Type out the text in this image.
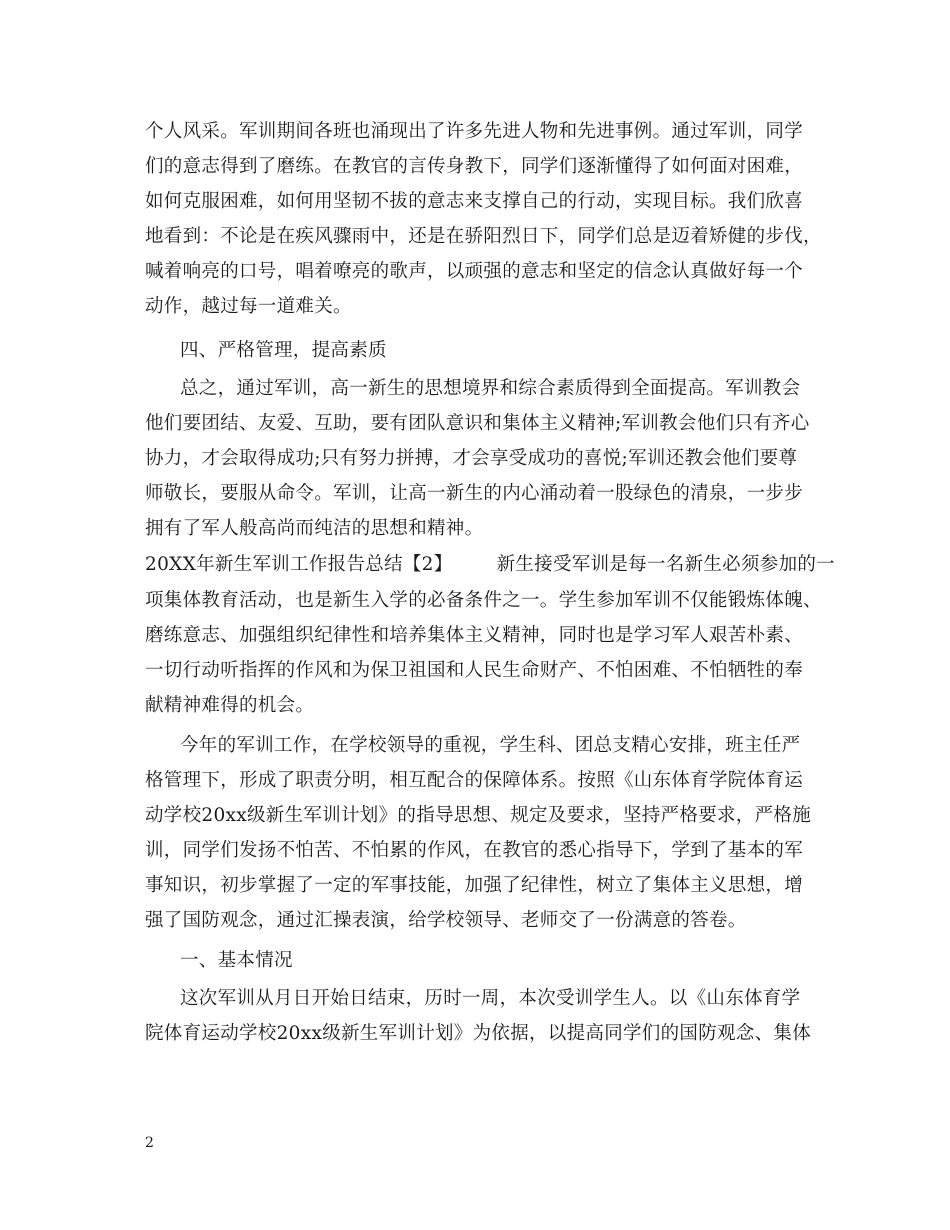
个人风采。军训期间各班也涌现出了许多先进人物和先进事例。通过军训，同学
们的意志得到了磨练。在教官的言传身教下，同学们逐渐懂得了如何面对困难，
如何克服困难，如何用坚韧不拔的意志来支撑自己的行动，实现目标。我们欣喜
地看到：不论是在疾风骤雨中，还是在骄阳烈日下，同学们总是迈着矫健的步伐，
喊着响亮的口号，唱着嘹亮的歌声，以顽强的意志和坚定的信念认真做好每一个
动作，越过每一道难关。
四、严格管理，提高素质
总之，通过军训，高一新生的思想境界和综合素质得到全面提高。军训教会
他们要团结、友爱、互助，要有团队意识和集体主义精神;军训教会他们只有齐心
协力，才会取得成功;只有努力拼搏，才会享受成功的喜悦;军训还教会他们要尊
师敬长，要服从命令。军训，让高一新生的内心涌动着一股绿色的清泉，一步步
拥有了军人般高尚而纯洁的思想和精神。
20XX年新生军训工作报告总结【2】 新生接受军训是每一名新生必须参加的一
项集体教育活动，也是新生入学的必备条件之一。学生参加军训不仅能锻炼体魄、
磨练意志、加强组织纪律性和培养集体主义精神，同时也是学习军人艰苦朴素、
一切行动听指挥的作风和为保卫祖国和人民生命财产、不怕困难、不怕牺牲的奉
献精神难得的机会。
今年的军训工作，在学校领导的重视，学生科、团总支精心安排，班主任严
格管理下，形成了职责分明，相互配合的保障体系。按照《山东体育学院体育运
动学校20xx级新生军训计划》的指导思想、规定及要求，坚持严格要求，严格施
训，同学们发扬不怕苦、不怕累的作风，在教官的悉心指导下，学到了基本的军
事知识，初步掌握了一定的军事技能，加强了纪律性，树立了集体主义思想，增
强了国防观念，通过汇操表演，给学校领导、老师交了一份满意的答卷。
一、基本情况
这次军训从月日开始日结束，历时一周，本次受训学生人。以《山东体育学
院体育运动学校20xx级新生军训计划》为依据，以提高同学们的国防观念、集体
2
